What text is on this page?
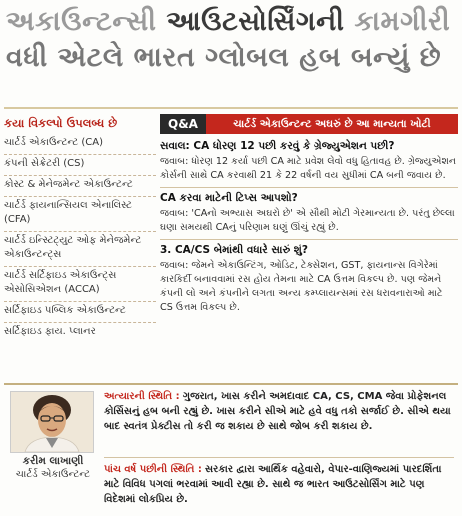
અકાઉન્ટન્સી આઉટસોર્સિંગની કામગીરી
વધી એટલે ભારત ગ્લોબલ હબ બન્યું છે
કયા વિકલ્પો ઉપલબ્ધ છે
ચાર્ટર્ડ એકાઉન્ટન્ટ (CA)
કંપની સેક્રેટરી (CS)
કોસ્ટ & મેનેજમેન્ટ એકાઉન્ટન્ટ
ચાર્ટર્ડ ફાયનાન્સિયલ એનાલિસ્ટ (CFA)
ચાર્ટર્ડ ઇન્સ્ટિટ્યુટ ઓફ મેનેજમેન્ટ એકાઉન્ટન્ટ્સ
ચાર્ટર્ડ સર્ટિફાઇડ એકાઉન્ટ્સ એસોસિએશન (ACCA)
સર્ટિફાઇડ પબ્લિક એકાઉન્ટન્ટ
સર્ટિફાઇડ ફાય. પ્લાનર
Q&A	ચાર્ટર્ડ એકાઉન્ટન્ટ અઘરું છે આ માન્યતા ખોટી
સવાલ: CA ધોરણ 12 પછી કરવું કે ગ્રેજ્યુએશન પછી?
જવાબ: ધોરણ 12 કર્યા પછી CA માટે પ્રવેશ લેવો વધુ હિતાવહ છે. ગ્રેજ્યુએશન કોર્સની સાથે CA કરવાથી 21 કે 22 વર્ષની વય સુધીમાં CA બની જવાય છે.
CA કરવા માટેની ટિપ્સ આપશો?
જવાબ: 'CAનો અભ્યાસ અઘરો છે' એ સૌથી મોટી ગેરમાન્યતા છે. પરંતુ છેલ્લા ઘણા સમયથી CAનું પરિણામ ઘણું ઊંચું રહ્યું છે.
3. CA/CS બેમાંથી વધારે સારું શું?
જવાબ: જેમને એકાઉન્ટિંગ, ઓડિટ, ટેક્સેશન, GST, ફાયનાન્સ વિગેરેમાં કારકિર્દી બનાવવામાં રસ હોય તેમના માટે CA ઉત્તમ વિકલ્પ છે. પણ જેમને કંપની લો અને કંપનીને લગતા અન્ય કમ્પ્લાયન્સમાં રસ ધરાવનારાઓ માટે CS ઉત્તમ વિકલ્પ છે.
કરીમ લાખાણી
ચાર્ટર્ડ એકાઉન્ટન્ટ
અત્યારની સ્થિતિ : ગુજરાત, ખાસ કરીને અમદાવાદ CA, CS, CMA જેવા પ્રોફેશનલ કોર્સિસનું હબ બની રહ્યું છે. ખાસ કરીને સીએ માટે હવે વધુ તકો સર્જાઈ છે. સીએ થયા બાદ સ્વતંત્ર પ્રેક્ટીસ તો કરી જ શકાય છે સાથે જોબ કરી શકાય છે.
પાંચ વર્ષ પછીની સ્થિતિ : સરકાર દ્વારા આર્થિક વહેવારો, વેપાર-વાણિજ્યમાં પારદર્શિતા માટે વિવિધ પગલાં ભરવામાં આવી રહ્યા છે. સાથે જ ભારત આઉટસોર્સિંગ માટે પણ વિદેશમાં લોકપ્રિય છે.
